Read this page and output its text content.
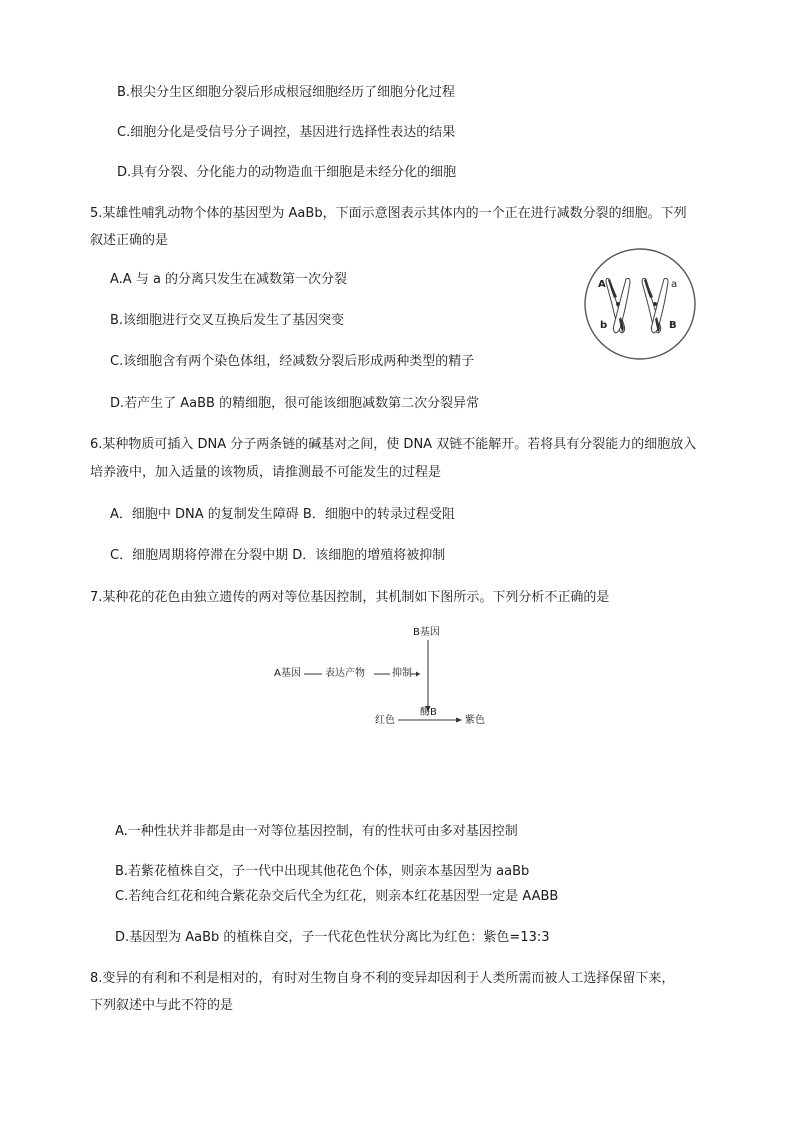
B.根尖分生区细胞分裂后形成根冠细胞经历了细胞分化过程
C.细胞分化是受信号分子调控，基因进行选择性表达的结果
D.具有分裂、分化能力的动物造血干细胞是未经分化的细胞
5.某雄性哺乳动物个体的基因型为 AaBb，下面示意图表示其体内的一个正在进行减数分裂的细胞。下列
叙述正确的是
A.A 与 a 的分离只发生在减数第一次分裂
B.该细胞进行交叉互换后发生了基因突变
C.该细胞含有两个染色体组，经减数分裂后形成两种类型的精子
D.若产生了 AaBB 的精细胞，很可能该细胞减数第二次分裂异常
A	a
b	B
6.某种物质可插入 DNA 分子两条链的碱基对之间，使 DNA 双链不能解开。若将具有分裂能力的细胞放入
培养液中，加入适量的该物质，请推测最不可能发生的过程是
A．细胞中 DNA 的复制发生障碍 B．细胞中的转录过程受阻
C．细胞周期将停滞在分裂中期 D．该细胞的增殖将被抑制
7.某种花的花色由独立遗传的两对等位基因控制，其机制如下图所示。下列分析不正确的是
B基因
A基因 表达产物	抑制
酶B
红色	紫色
A.一种性状并非都是由一对等位基因控制，有的性状可由多对基因控制
B.若紫花植株自交，子一代中出现其他花色个体，则亲本基因型为 aaBb
C.若纯合红花和纯合紫花杂交后代全为红花，则亲本红花基因型一定是 AABB
D.基因型为 AaBb 的植株自交，子一代花色性状分离比为红色：紫色=13:3
8.变异的有利和不利是相对的，有时对生物自身不利的变异却因利于人类所需而被人工选择保留下来，
下列叙述中与此不符的是
